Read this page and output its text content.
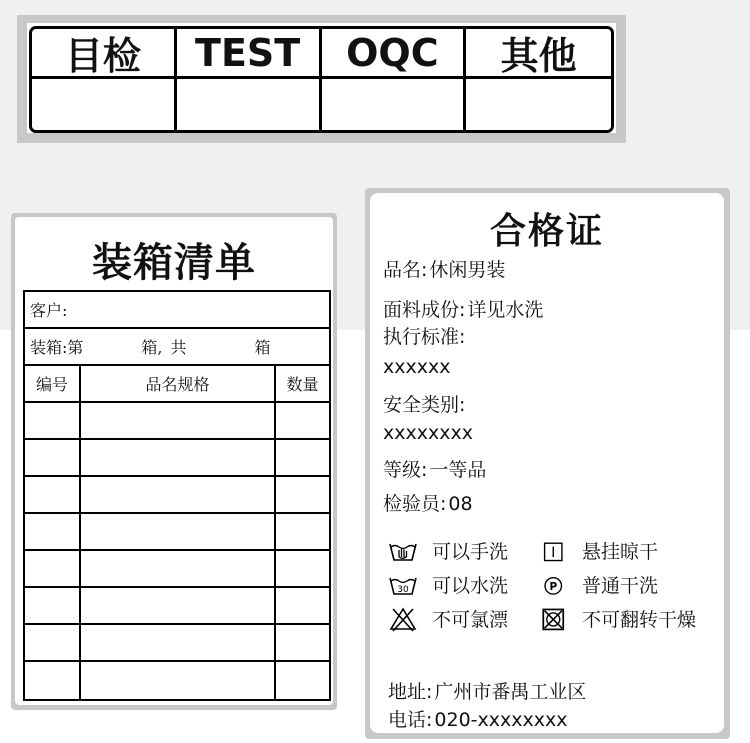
目检	TEST	OQC	其他
装箱清单
客户:
装箱: 第	箱, 共	箱
编号	品名规格	数量
合格证
品名: 休闲男装
面料成份: 详见水洗
执行标准:
xxxxxx
安全类别:
xxxxxxxx
等级: 一等品
检验员: 08
可以手洗	悬挂晾干
30 可以水洗	P 普通干洗
不可氯漂	不可翻转干燥
地址: 广州市番禺工业区
电话: 020-xxxxxxxx
